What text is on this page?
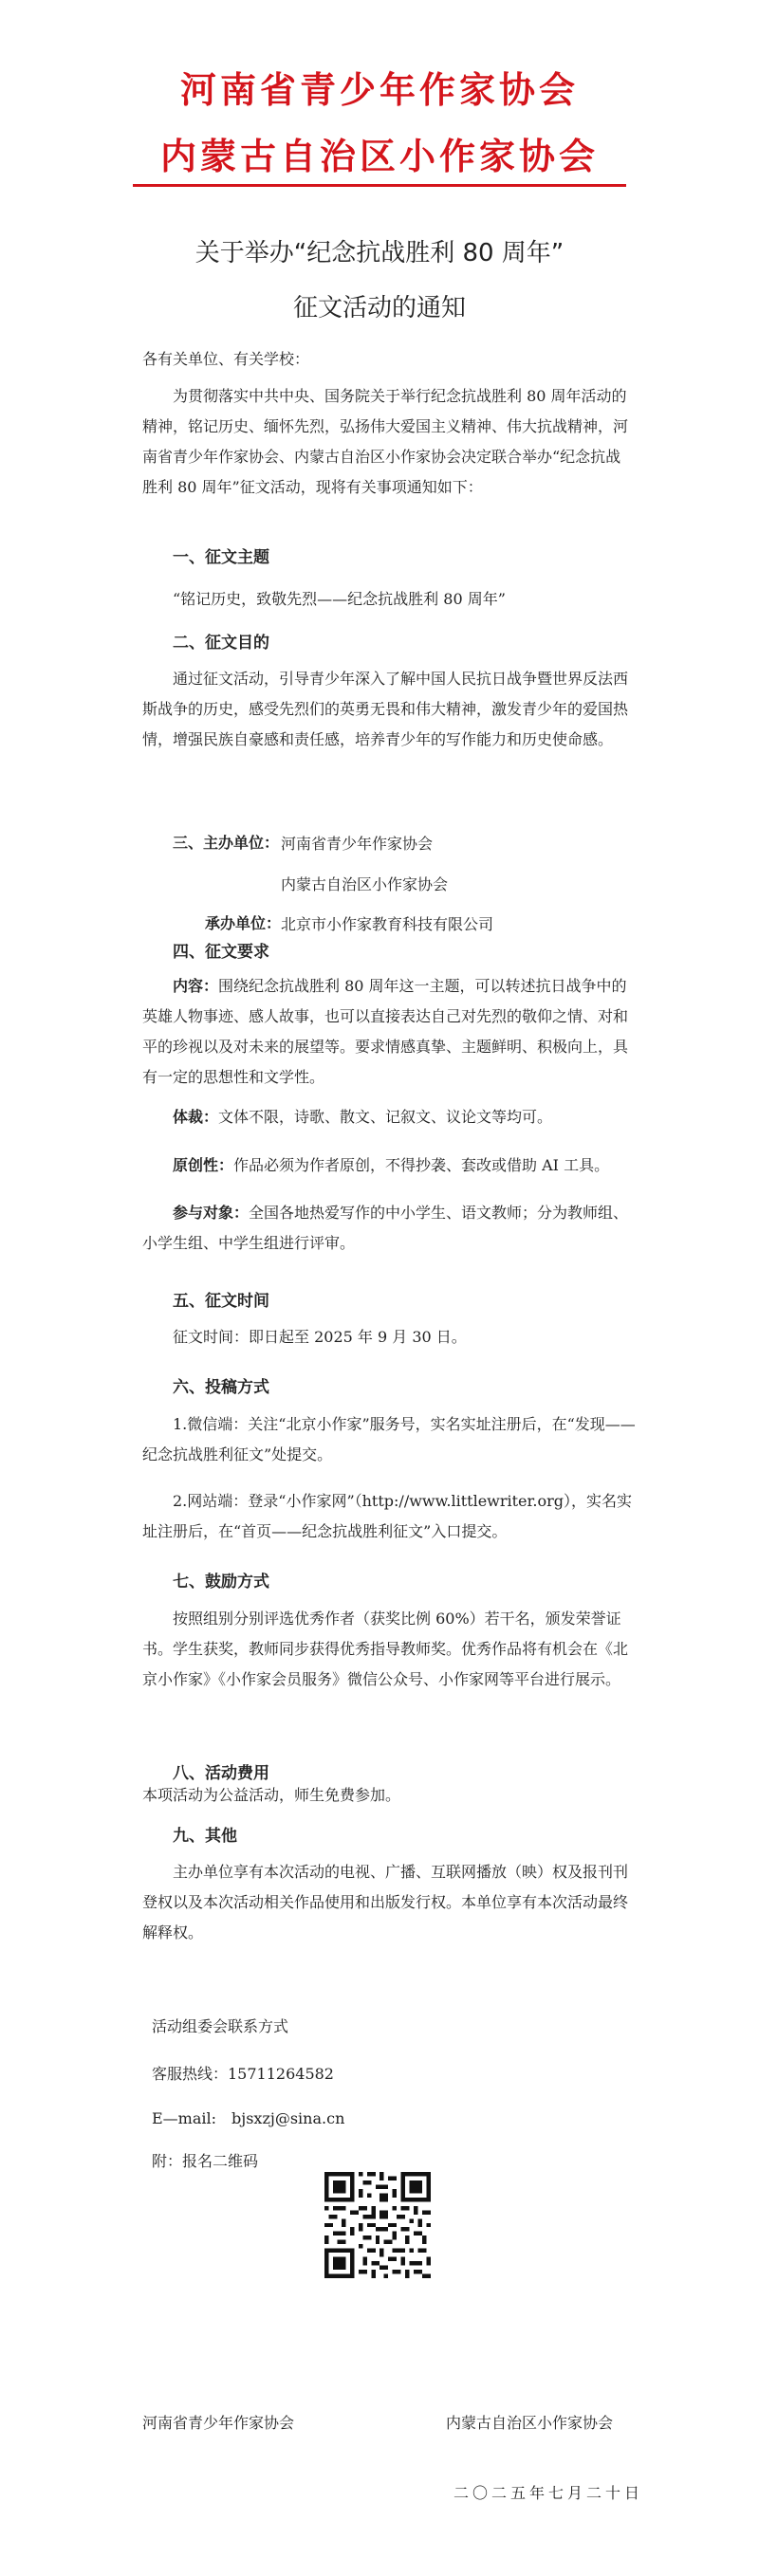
河南省青少年作家协会
内蒙古自治区小作家协会
关于举办“纪念抗战胜利 80 周年”
征文活动的通知
各有关单位、有关学校：
为贯彻落实中共中央、国务院关于举行纪念抗战胜利 80 周年活动的精神，铭记历史、缅怀先烈，弘扬伟大爱国主义精神、伟大抗战精神，河南省青少年作家协会、内蒙古自治区小作家协会决定联合举办“纪念抗战胜利 80 周年”征文活动，现将有关事项通知如下：
一、征文主题
“铭记历史，致敬先烈——纪念抗战胜利 80 周年”
二、征文目的
通过征文活动，引导青少年深入了解中国人民抗日战争暨世界反法西斯战争的历史，感受先烈们的英勇无畏和伟大精神，激发青少年的爱国热情，增强民族自豪感和责任感，培养青少年的写作能力和历史使命感。
三、主办单位： 河南省青少年作家协会
内蒙古自治区小作家协会
承办单位： 北京市小作家教育科技有限公司
四、征文要求
内容：围绕纪念抗战胜利 80 周年这一主题，可以转述抗日战争中的英雄人物事迹、感人故事，也可以直接表达自己对先烈的敬仰之情、对和平的珍视以及对未来的展望等。要求情感真挚、主题鲜明、积极向上，具有一定的思想性和文学性。
体裁：文体不限，诗歌、散文、记叙文、议论文等均可。
原创性：作品必须为作者原创，不得抄袭、套改或借助 AI 工具。
参与对象：全国各地热爱写作的中小学生、语文教师；分为教师组、小学生组、中学生组进行评审。
五、征文时间
征文时间：即日起至 2025 年 9 月 30 日。
六、投稿方式
1.微信端：关注“北京小作家”服务号，实名实址注册后，在“发现——纪念抗战胜利征文”处提交。
2.网站端：登录“小作家网”（http://www.littlewriter.org），实名实址注册后，在“首页——纪念抗战胜利征文”入口提交。
七、鼓励方式
按照组别分别评选优秀作者（获奖比例 60%）若干名，颁发荣誉证书。学生获奖，教师同步获得优秀指导教师奖。优秀作品将有机会在《北京小作家》《小作家会员服务》微信公众号、小作家网等平台进行展示。
八、活动费用
本项活动为公益活动，师生免费参加。
九、其他
主办单位享有本次活动的电视、广播、互联网播放（映）权及报刊刊登权以及本次活动相关作品使用和出版发行权。本单位享有本次活动最终解释权。
活动组委会联系方式
客服热线：15711264582
E—mail:　bjsxzj@sina.cn
附：报名二维码
河南省青少年作家协会	内蒙古自治区小作家协会
二〇二五年七月二十日
